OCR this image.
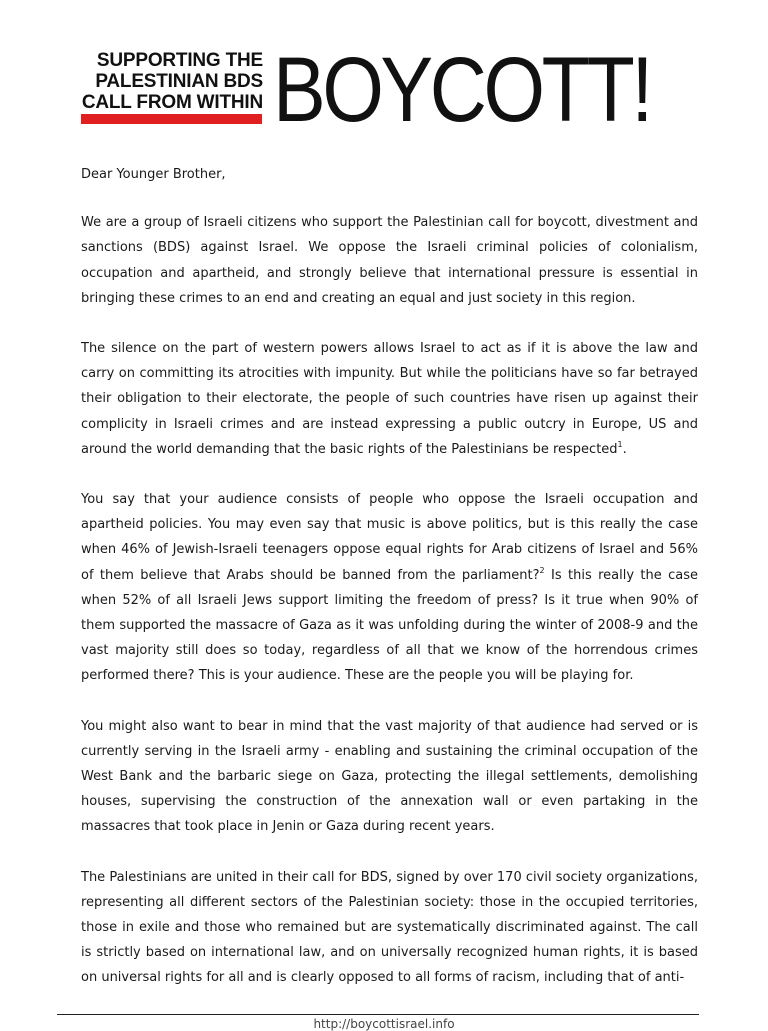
SUPPORTING THE
PALESTINIAN BDS
CALL FROM WITHIN BOYCOTT!

Dear Younger Brother,

We are a group of Israeli citizens who support the Palestinian call for boycott, divestment and sanctions (BDS) against Israel. We oppose the Israeli criminal policies of colonialism, occupation and apartheid, and strongly believe that international pressure is essential in bringing these crimes to an end and creating an equal and just society in this region.

The silence on the part of western powers allows Israel to act as if it is above the law and carry on committing its atrocities with impunity. But while the politicians have so far betrayed their obligation to their electorate, the people of such countries have risen up against their complicity in Israeli crimes and are instead expressing a public outcry in Europe, US and around the world demanding that the basic rights of the Palestinians be respected$^1$.

You say that your audience consists of people who oppose the Israeli occupation and apartheid policies. You may even say that music is above politics, but is this really the case when 46% of Jewish-Israeli teenagers oppose equal rights for Arab citizens of Israel and 56% of them believe that Arabs should be banned from the parliament?$^2$ Is this really the case when 52% of all Israeli Jews support limiting the freedom of press? Is it true when 90% of them supported the massacre of Gaza as it was unfolding during the winter of 2008-9 and the vast majority still does so today, regardless of all that we know of the horrendous crimes performed there? This is your audience. These are the people you will be playing for.

You might also want to bear in mind that the vast majority of that audience had served or is currently serving in the Israeli army - enabling and sustaining the criminal occupation of the West Bank and the barbaric siege on Gaza, protecting the illegal settlements, demolishing houses, supervising the construction of the annexation wall or even partaking in the massacres that took place in Jenin or Gaza during recent years.

The Palestinians are united in their call for BDS, signed by over 170 civil society organizations, representing all different sectors of the Palestinian society: those in the occupied territories, those in exile and those who remained but are systematically discriminated against. The call is strictly based on international law, and on universally recognized human rights, it is based on universal rights for all and is clearly opposed to all forms of racism, including that of anti-

http://boycottisrael.info
